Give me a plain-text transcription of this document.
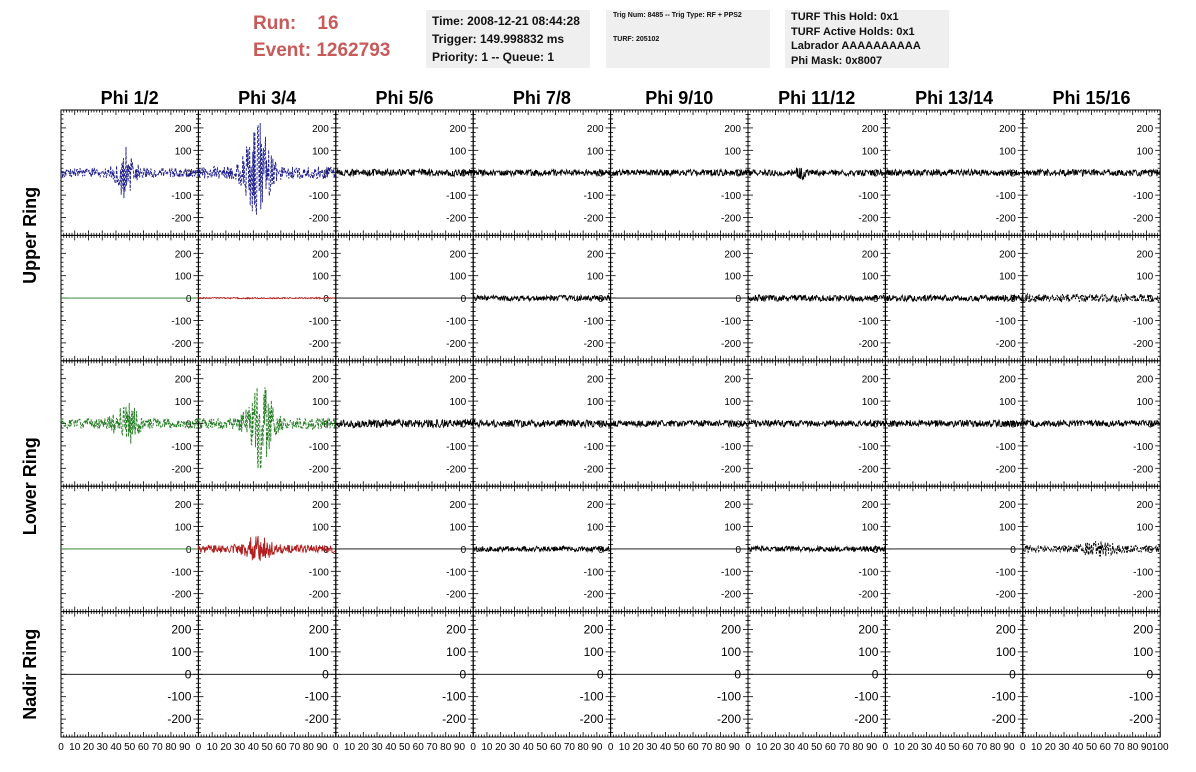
Run: 16
Event: 1262793
Time: 2008-12-21 08:44:28
Trigger: 149.998832 ms
Priority: 1 -- Queue: 1
Trig Num: 8485 -- Trig Type: RF + PPS2
TURF: 205102
TURF This Hold: 0x1
TURF Active Holds: 0x1
Labrador AAAAAAAAAA
Phi Mask: 0x8007
Phi 1/2	Phi 3/4	Phi 5/6	Phi 7/8	Phi 9/10	Phi 11/12	Phi 13/14	Phi 15/16
Upper Ring
Lower Ring
Nadir Ring
-200
-100
0
100
200
-200
-100
0
100
200
-200
-100
0
100
200
-200
-100
0
100
200
-200
-100
0
100
200
-200
-100
0
100
200
-200
-100
0
100
200
-200
-100
0
100
200
-200
-100
0
100
200
-200
-100
0
100
200
-200
-100
0
100
200
-200
-100
0
100
200
-200
-100
0
100
200
-200
-100
0
100
200
-200
-100
0
100
200
-200
-100
0
100
200
-200
-100
0
100
200
-200
-100
0
100
200
-200
-100
0
100
200
-200
-100
0
100
200
-200
-100
0
100
200
-200
-100
0
100
200
-200
-100
0
100
200
-200
-100
0
100
200
-200
-100
0
100
200
-200
-100
0
100
200
-200
-100
0
100
200
-200
-100
0
100
200
-200
-100
0
100
200
-200
-100
0
100
200
-200
-100
0
100
200
-200
-100
0
100
200
-200
-100
0
100
200
-200
-100
0
100
200
-200
-100
0
100
200
-200
-100
0
100
200
-200
-100
0
100
200
-200
-100
0
100
200
-200
-100
0
100
200
-200
-100
0
100
200
0 10 20 30 40 50 60 70 80 90 0 10 20 30 40 50 60 70 80 90 0 10 20 30 40 50 60 70 80 90 0 10 20 30 40 50 60 70 80 90 0 10 20 30 40 50 60 70 80 90 0 10 20 30 40 50 60 70 80 90 0 10 20 30 40 50 60 70 80 90 0 10 20 30 40 50 60 70 80 90 100
